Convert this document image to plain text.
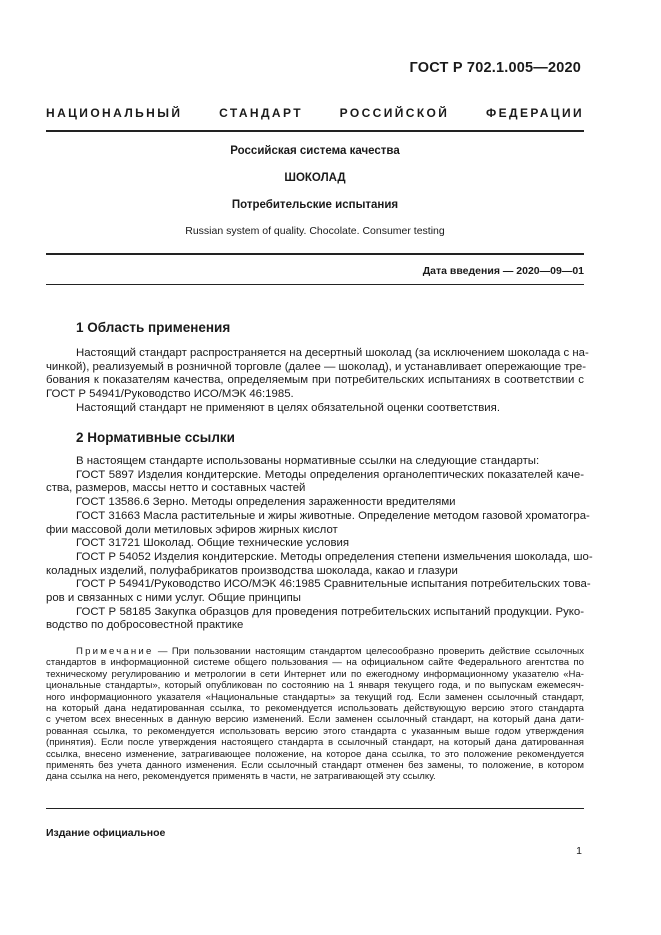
ГОСТ Р 702.1.005—2020
НАЦИОНАЛЬНЫЙ СТАНДАРТ РОССИЙСКОЙ ФЕДЕРАЦИИ
Российская система качества
ШОКОЛАД
Потребительские испытания
Russian system of quality. Chocolate. Consumer testing
Дата введения — 2020—09—01
1 Область применения
Настоящий стандарт распространяется на десертный шоколад (за исключением шоколада с на-
чинкой), реализуемый в розничной торговле (далее — шоколад), и устанавливает опережающие тре-
бования к показателям качества, определяемым при потребительских испытаниях в соответствии с
ГОСТ Р 54941/Руководство ИСО/МЭК 46:1985.
Настоящий стандарт не применяют в целях обязательной оценки соответствия.
2 Нормативные ссылки
В настоящем стандарте использованы нормативные ссылки на следующие стандарты:
ГОСТ 5897 Изделия кондитерские. Методы определения органолептических показателей каче-
ства, размеров, массы нетто и составных частей
ГОСТ 13586.6 Зерно. Методы определения зараженности вредителями
ГОСТ 31663 Масла растительные и жиры животные. Определение методом газовой хроматогра-
фии массовой доли метиловых эфиров жирных кислот
ГОСТ 31721 Шоколад. Общие технические условия
ГОСТ Р 54052 Изделия кондитерские. Методы определения степени измельчения шоколада, шо-
коладных изделий, полуфабрикатов производства шоколада, какао и глазури
ГОСТ Р 54941/Руководство ИСО/МЭК 46:1985 Сравнительные испытания потребительских това-
ров и связанных с ними услуг. Общие принципы
ГОСТ Р 58185 Закупка образцов для проведения потребительских испытаний продукции. Руко-
водство по добросовестной практике
Примечание — При пользовании настоящим стандартом целесообразно проверить действие ссылочных
стандартов в информационной системе общего пользования — на официальном сайте Федерального агентства по
техническому регулированию и метрологии в сети Интернет или по ежегодному информационному указателю «На-
циональные стандарты», который опубликован по состоянию на 1 января текущего года, и по выпускам ежемесяч-
ного информационного указателя «Национальные стандарты» за текущий год. Если заменен ссылочный стандарт,
на который дана недатированная ссылка, то рекомендуется использовать действующую версию этого стандарта
с учетом всех внесенных в данную версию изменений. Если заменен ссылочный стандарт, на который дана дати-
рованная ссылка, то рекомендуется использовать версию этого стандарта с указанным выше годом утверждения
(принятия). Если после утверждения настоящего стандарта в ссылочный стандарт, на который дана датированная
ссылка, внесено изменение, затрагивающее положение, на которое дана ссылка, то это положение рекомендуется
применять без учета данного изменения. Если ссылочный стандарт отменен без замены, то положение, в котором
дана ссылка на него, рекомендуется применять в части, не затрагивающей эту ссылку.
Издание официальное
1
